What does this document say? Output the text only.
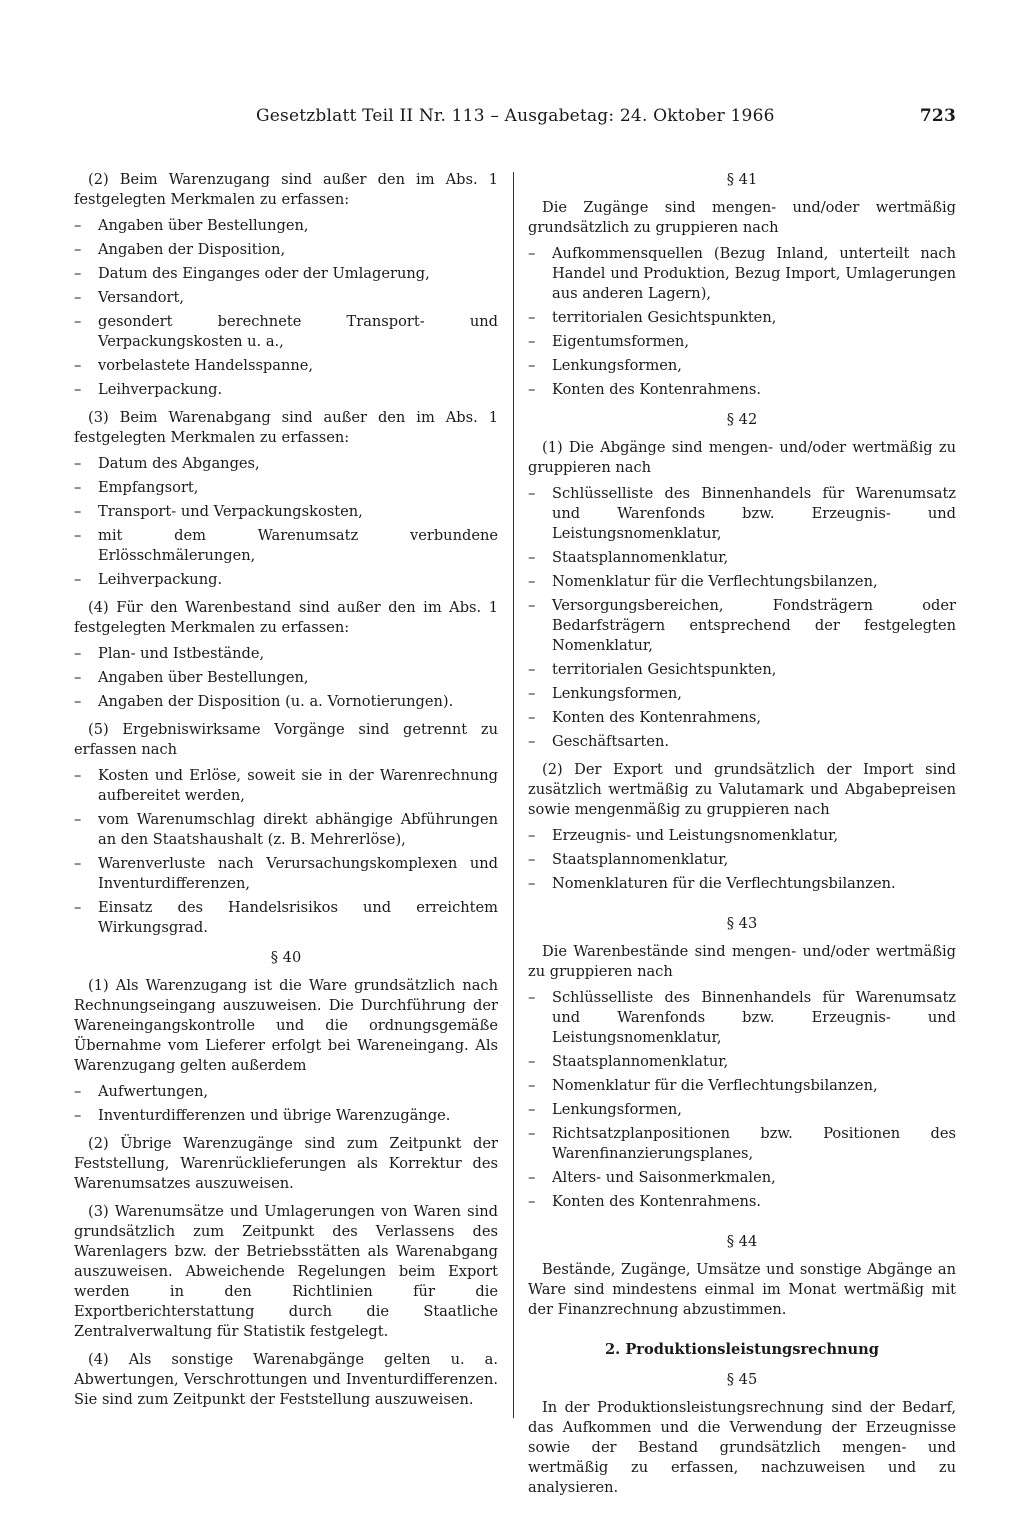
Gesetzblatt Teil II Nr. 113 – Ausgabetag: 24. Oktober 1966	723

(2) Beim Warenzugang sind außer den im Abs. 1 festgelegten Merkmalen zu erfassen:

– Angaben über Bestellungen,
– Angaben der Disposition,
– Datum des Einganges oder der Umlagerung,
– Versandort,
– gesondert berechnete Transport- und Verpackungskosten u. a.,
– vorbelastete Handelsspanne,
– Leihverpackung.

(3) Beim Warenabgang sind außer den im Abs. 1 festgelegten Merkmalen zu erfassen:

– Datum des Abganges,
– Empfangsort,
– Transport- und Verpackungskosten,
– mit dem Warenumsatz verbundene Erlösschmälerungen,
– Leihverpackung.

(4) Für den Warenbestand sind außer den im Abs. 1 festgelegten Merkmalen zu erfassen:

– Plan- und Istbestände,
– Angaben über Bestellungen,
– Angaben der Disposition (u. a. Vornotierungen).

(5) Ergebniswirksame Vorgänge sind getrennt zu erfassen nach

– Kosten und Erlöse, soweit sie in der Warenrechnung aufbereitet werden,
– vom Warenumschlag direkt abhängige Abführungen an den Staatshaushalt (z. B. Mehrerlöse),
– Warenverluste nach Verursachungskomplexen und Inventurdifferenzen,
– Einsatz des Handelsrisikos und erreichtem Wirkungsgrad.
§ 40

(1) Als Warenzugang ist die Ware grundsätzlich nach Rechnungseingang auszuweisen. Die Durchführung der Wareneingangskontrolle und die ordnungsgemäße Übernahme vom Lieferer erfolgt bei Wareneingang. Als Warenzugang gelten außerdem

– Aufwertungen,
– Inventurdifferenzen und übrige Warenzugänge.

(2) Übrige Warenzugänge sind zum Zeitpunkt der Feststellung, Warenrücklieferungen als Korrektur des Warenumsatzes auszuweisen.

(3) Warenumsätze und Umlagerungen von Waren sind grundsätzlich zum Zeitpunkt des Verlassens des Warenlagers bzw. der Betriebsstätten als Warenabgang auszuweisen. Abweichende Regelungen beim Export werden in den Richtlinien für die Exportberichterstattung durch die Staatliche Zentralverwaltung für Statistik festgelegt.

(4) Als sonstige Warenabgänge gelten u. a. Abwertungen, Verschrottungen und Inventurdifferenzen. Sie sind zum Zeitpunkt der Feststellung auszuweisen.

§ 41

Die Zugänge sind mengen- und/oder wertmäßig grundsätzlich zu gruppieren nach

– Aufkommensquellen (Bezug Inland, unterteilt nach Handel und Produktion, Bezug Import, Umlagerungen aus anderen Lagern),
– territorialen Gesichtspunkten,
– Eigentumsformen,
– Lenkungsformen,
– Konten des Kontenrahmens.
§ 42

(1) Die Abgänge sind mengen- und/oder wertmäßig zu gruppieren nach

– Schlüsselliste des Binnenhandels für Warenumsatz und Warenfonds bzw. Erzeugnis- und Leistungsnomenklatur,
– Staatsplannomenklatur,
– Nomenklatur für die Verflechtungsbilanzen,
– Versorgungsbereichen, Fondsträgern oder Bedarfsträgern entsprechend der festgelegten Nomenklatur,
– territorialen Gesichtspunkten,
– Lenkungsformen,
– Konten des Kontenrahmens,
– Geschäftsarten.

(2) Der Export und grundsätzlich der Import sind zusätzlich wertmäßig zu Valutamark und Abgabepreisen sowie mengenmäßig zu gruppieren nach

– Erzeugnis- und Leistungsnomenklatur,
– Staatsplannomenklatur,
– Nomenklaturen für die Verflechtungsbilanzen.
§ 43

Die Warenbestände sind mengen- und/oder wertmäßig zu gruppieren nach

– Schlüsselliste des Binnenhandels für Warenumsatz und Warenfonds bzw. Erzeugnis- und Leistungsnomenklatur,
– Staatsplannomenklatur,
– Nomenklatur für die Verflechtungsbilanzen,
– Lenkungsformen,
– Richtsatzplanpositionen bzw. Positionen des Warenfinanzierungsplanes,
– Alters- und Saisonmerkmalen,
– Konten des Kontenrahmens.
§ 44

Bestände, Zugänge, Umsätze und sonstige Abgänge an Ware sind mindestens einmal im Monat wertmäßig mit der Finanzrechnung abzustimmen.

2. Produktionsleistungsrechnung
§ 45

In der Produktionsleistungsrechnung sind der Bedarf, das Aufkommen und die Verwendung der Erzeugnisse sowie der Bestand grundsätzlich mengen- und wertmäßig zu erfassen, nachzuweisen und zu analysieren.
